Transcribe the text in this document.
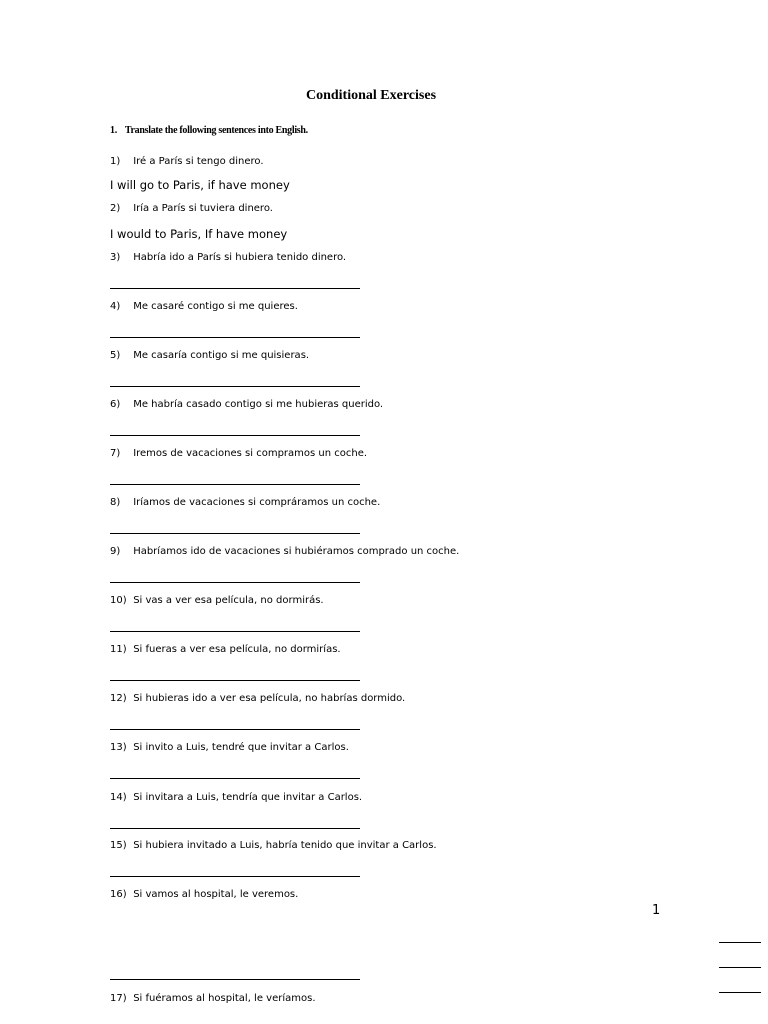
Conditional Exercises
1. Translate the following sentences into English.
1) Iré a París si tengo dinero.
I will go to Paris, if have money
2) Iría a París si tuviera dinero.
I would to Paris, If have money
3) Habría ido a París si hubiera tenido dinero.
4) Me casaré contigo si me quieres.
5) Me casaría contigo si me quisieras.
6) Me habría casado contigo si me hubieras querido.
7) Iremos de vacaciones si compramos un coche.
8) Iríamos de vacaciones si compráramos un coche.
9) Habríamos ido de vacaciones si hubiéramos comprado un coche.
10) Si vas a ver esa película, no dormirás.
11) Si fueras a ver esa película, no dormirías.
12) Si hubieras ido a ver esa película, no habrías dormido.
13) Si invito a Luis, tendré que invitar a Carlos.
14) Si invitara a Luis, tendría que invitar a Carlos.
15) Si hubiera invitado a Luis, habría tenido que invitar a Carlos.
16) Si vamos al hospital, le veremos.
1
17) Si fuéramos al hospital, le veríamos.
